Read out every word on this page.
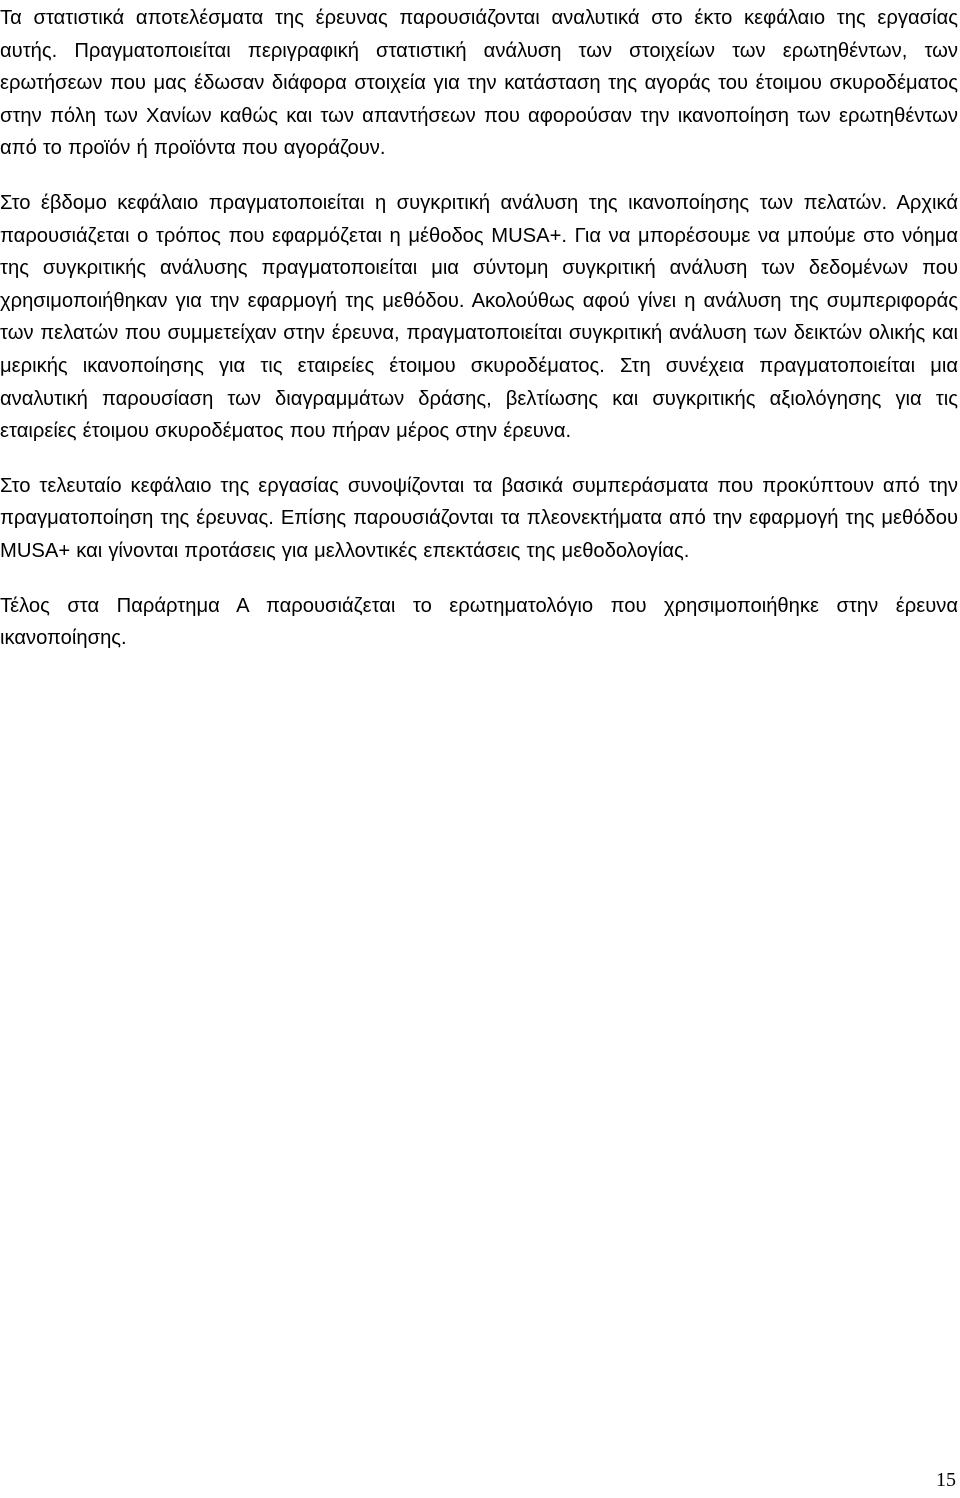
Τα στατιστικά αποτελέσματα της έρευνας παρουσιάζονται αναλυτικά στο έκτο κεφάλαιο της εργασίας αυτής. Πραγματοποιείται περιγραφική στατιστική ανάλυση των στοιχείων των ερωτηθέντων, των ερωτήσεων που μας έδωσαν διάφορα στοιχεία για την κατάσταση της αγοράς του έτοιμου σκυροδέματος στην πόλη των Χανίων καθώς και των απαντήσεων που αφορούσαν την ικανοποίηση των ερωτηθέντων από το προϊόν ή προϊόντα που αγοράζουν.

Στο έβδομο κεφάλαιο πραγματοποιείται η συγκριτική ανάλυση της ικανοποίησης των πελατών. Αρχικά παρουσιάζεται ο τρόπος που εφαρμόζεται η μέθοδος MUSA+. Για να μπορέσουμε να μπούμε στο νόημα της συγκριτικής ανάλυσης πραγματοποιείται μια σύντομη συγκριτική ανάλυση των δεδομένων που χρησιμοποιήθηκαν για την εφαρμογή της μεθόδου. Ακολούθως αφού γίνει η ανάλυση της συμπεριφοράς των πελατών που συμμετείχαν στην έρευνα, πραγματοποιείται συγκριτική ανάλυση των δεικτών ολικής και μερικής ικανοποίησης για τις εταιρείες έτοιμου σκυροδέματος. Στη συνέχεια πραγματοποιείται μια αναλυτική παρουσίαση των διαγραμμάτων δράσης, βελτίωσης και συγκριτικής αξιολόγησης για τις εταιρείες έτοιμου σκυροδέματος που πήραν μέρος στην έρευνα.

Στο τελευταίο κεφάλαιο της εργασίας συνοψίζονται τα βασικά συμπεράσματα που προκύπτουν από την πραγματοποίηση της έρευνας. Επίσης παρουσιάζονται τα πλεονεκτήματα από την εφαρμογή της μεθόδου MUSA+ και γίνονται προτάσεις για μελλοντικές επεκτάσεις της μεθοδολογίας.

Τέλος στα Παράρτημα Α παρουσιάζεται το ερωτηματολόγιο που χρησιμοποιήθηκε στην έρευνα ικανοποίησης.

15
